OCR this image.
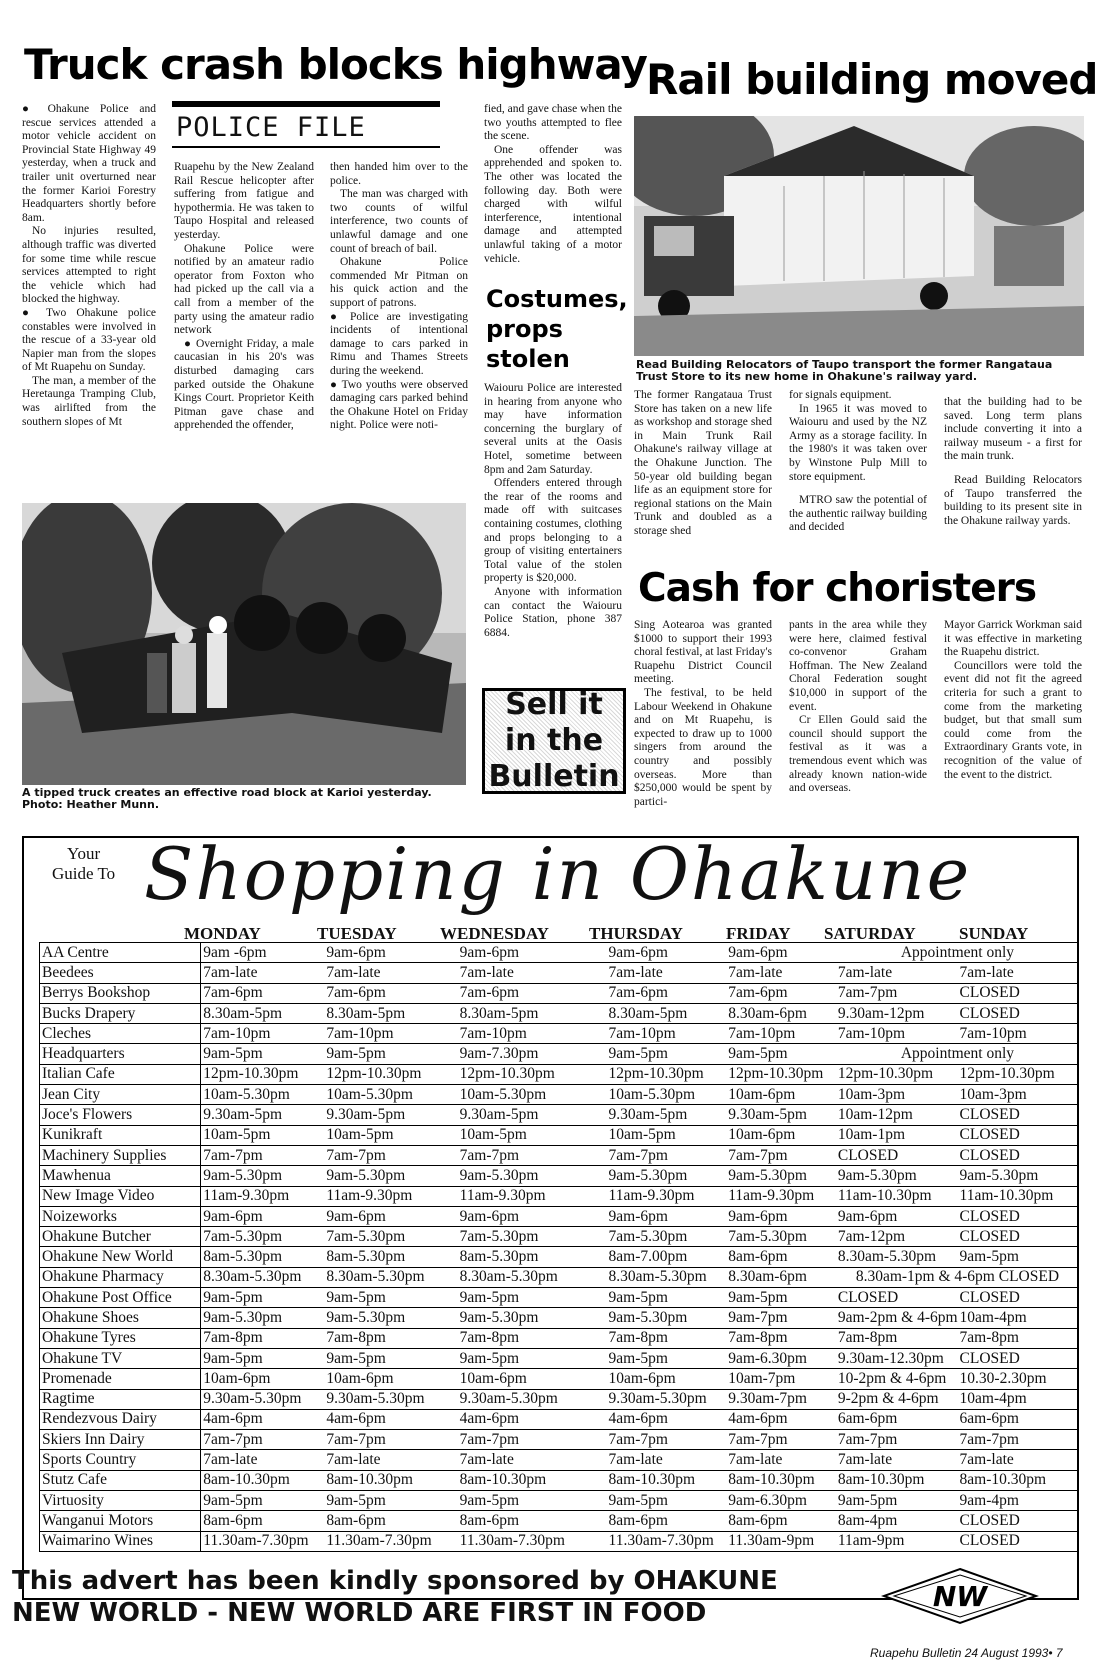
Truck crash blocks highway

● Ohakune Police and rescue services attended a motor vehicle accident on Provincial State Highway 49 yesterday, when a truck and trailer unit overturned near the former Karioi Forestry Headquarters shortly before 8am.

No injuries resulted, although traffic was diverted for some time while rescue services attempted to right the vehicle which had blocked the highway.

● Two Ohakune police constables were involved in the rescue of a 33-year old Napier man from the slopes of Mt Ruapehu on Sunday.

The man, a member of the Heretaunga Tramping Club, was airlifted from the southern slopes of Mt

POLICE FILE

Ruapehu by the New Zealand Rail Rescue helicopter after suffering from fatigue and hypothermia. He was taken to Taupo Hospital and released yesterday.

Ohakune Police were notified by an amateur radio operator from Foxton who had picked up the call via a call from a member of the party using the amateur radio network

● Overnight Friday, a male caucasian in his 20's was disturbed damaging cars parked outside the Ohakune Kings Court. Proprietor Keith Pitman gave chase and apprehended the offender,

then handed him over to the police.

The man was charged with two counts of wilful interference, two counts of unlawful damage and one count of breach of bail.

Ohakune Police commended Mr Pitman on his quick action and the support of patrons.

● Police are investigating incidents of intentional damage to cars parked in Rimu and Thames Streets during the weekend.

● Two youths were observed damaging cars parked behind the Ohakune Hotel on Friday night. Police were noti-

fied, and gave chase when the two youths attempted to flee the scene.

One offender was apprehended and spoken to. The other was located the following day. Both were charged with wilful interference, intentional damage and attempted unlawful taking of a motor vehicle.

A tipped truck creates an effective road block at Karioi yesterday. Photo: Heather Munn.
Costumes, props stolen

Waiouru Police are interested in hearing from anyone who may have information concerning the burglary of several units at the Oasis Hotel, sometime between 8pm and 2am Saturday.

Offenders entered through the rear of the rooms and made off with suitcases containing costumes, clothing and props belonging to a group of visiting entertainers Total value of the stolen property is $20,000.

Anyone with information can contact the Waiouru Police Station, phone 387 6884.

Sell it
in the
Bulletin
Rail building moved
Read Building Relocators of Taupo transport the former Rangataua Trust Store to its new home in Ohakune's railway yard.

The former Rangataua Trust Store has taken on a new life as workshop and storage shed in Main Trunk Rail Ohakune's railway village at the Ohakune Junction. The 50-year old building began life as an equipment store for regional stations on the Main Trunk and doubled as a storage shed

for signals equipment.

In 1965 it was moved to Waiouru and used by the NZ Army as a storage facility. In the 1980's it was taken over by Winstone Pulp Mill to store equipment.

MTRO saw the potential of the authentic railway building and decided

that the building had to be saved. Long term plans include converting it into a railway museum - a first for the main trunk.

Read Building Relocators of Taupo transferred the building to its present site in the Ohakune railway yards.

Cash for choristers

Sing Aotearoa was granted $1000 to support their 1993 choral festival, at last Friday's Ruapehu District Council meeting.

The festival, to be held Labour Weekend in Ohakune and on Mt Ruapehu, is expected to draw up to 1000 singers from around the country and possibly overseas. More than $250,000 would be spent by partici-

pants in the area while they were here, claimed festival co-convenor Graham Hoffman. The New Zealand Choral Federation sought $10,000 in support of the event.

Cr Ellen Gould said the council should support the festival as it was a tremendous event which was already known nation-wide and overseas.

Mayor Garrick Workman said it was effective in marketing the Ruapehu district.

Councillors were told the event did not fit the agreed criteria for such a grant to come from the marketing budget, but that small sum could come from the Extraordinary Grants vote, in recognition of the value of the event to the district.

Your
Guide To Shopping in Ohakune
MONDAY	TUESDAY	WEDNESDAY THURSDAY	FRIDAY SATURDAY	SUNDAY
AA Centre	9am -6pm	9am-6pm	9am-6pm	9am-6pm	9am-6pm	Appointment only	
Beedees	7am-late	7am-late	7am-late	7am-late	7am-late	7am-late	7am-late
Berrys Bookshop	7am-6pm	7am-6pm	7am-6pm	7am-6pm	7am-6pm	7am-7pm	CLOSED
Bucks Drapery	8.30am-5pm	8.30am-5pm	8.30am-5pm	8.30am-5pm	8.30am-6pm	9.30am-12pm	CLOSED
Cleches	7am-10pm	7am-10pm	7am-10pm	7am-10pm	7am-10pm	7am-10pm	7am-10pm
Headquarters	9am-5pm	9am-5pm	9am-7.30pm	9am-5pm	9am-5pm	Appointment only	
Italian Cafe	12pm-10.30pm	12pm-10.30pm	12pm-10.30pm	12pm-10.30pm	12pm-10.30pm	12pm-10.30pm	12pm-10.30pm
Jean City	10am-5.30pm	10am-5.30pm	10am-5.30pm	10am-5.30pm	10am-6pm	10am-3pm	10am-3pm
Joce's Flowers	9.30am-5pm	9.30am-5pm	9.30am-5pm	9.30am-5pm	9.30am-5pm	10am-12pm	CLOSED
Kunikraft	10am-5pm	10am-5pm	10am-5pm	10am-5pm	10am-6pm	10am-1pm	CLOSED
Machinery Supplies	7am-7pm	7am-7pm	7am-7pm	7am-7pm	7am-7pm	CLOSED	CLOSED
Mawhenua	9am-5.30pm	9am-5.30pm	9am-5.30pm	9am-5.30pm	9am-5.30pm	9am-5.30pm	9am-5.30pm
New Image Video	11am-9.30pm	11am-9.30pm	11am-9.30pm	11am-9.30pm	11am-9.30pm	11am-10.30pm	11am-10.30pm
Noizeworks	9am-6pm	9am-6pm	9am-6pm	9am-6pm	9am-6pm	9am-6pm	CLOSED
Ohakune Butcher	7am-5.30pm	7am-5.30pm	7am-5.30pm	7am-5.30pm	7am-5.30pm	7am-12pm	CLOSED
Ohakune New World	8am-5.30pm	8am-5.30pm	8am-5.30pm	8am-7.00pm	8am-6pm	8.30am-5.30pm	9am-5pm
Ohakune Pharmacy	8.30am-5.30pm	8.30am-5.30pm	8.30am-5.30pm	8.30am-5.30pm	8.30am-6pm	8.30am-1pm & 4-6pm CLOSED	
Ohakune Post Office	9am-5pm	9am-5pm	9am-5pm	9am-5pm	9am-5pm	CLOSED	CLOSED
Ohakune Shoes	9am-5.30pm	9am-5.30pm	9am-5.30pm	9am-5.30pm	9am-7pm	9am-2pm & 4-6pm	10am-4pm
Ohakune Tyres	7am-8pm	7am-8pm	7am-8pm	7am-8pm	7am-8pm	7am-8pm	7am-8pm
Ohakune TV	9am-5pm	9am-5pm	9am-5pm	9am-5pm	9am-6.30pm	9.30am-12.30pm	CLOSED
Promenade	10am-6pm	10am-6pm	10am-6pm	10am-6pm	10am-7pm	10-2pm & 4-6pm	10.30-2.30pm
Ragtime	9.30am-5.30pm	9.30am-5.30pm	9.30am-5.30pm	9.30am-5.30pm	9.30am-7pm	9-2pm & 4-6pm	10am-4pm
Rendezvous Dairy	4am-6pm	4am-6pm	4am-6pm	4am-6pm	4am-6pm	6am-6pm	6am-6pm
Skiers Inn Dairy	7am-7pm	7am-7pm	7am-7pm	7am-7pm	7am-7pm	7am-7pm	7am-7pm
Sports Country	7am-late	7am-late	7am-late	7am-late	7am-late	7am-late	7am-late
Stutz Cafe	8am-10.30pm	8am-10.30pm	8am-10.30pm	8am-10.30pm	8am-10.30pm	8am-10.30pm	8am-10.30pm
Virtuosity	9am-5pm	9am-5pm	9am-5pm	9am-5pm	9am-6.30pm	9am-5pm	9am-4pm
Wanganui Motors	8am-6pm	8am-6pm	8am-6pm	8am-6pm	8am-6pm	8am-4pm	CLOSED
Waimarino Wines	11.30am-7.30pm	11.30am-7.30pm	11.30am-7.30pm	11.30am-7.30pm	11.30am-9pm	11am-9pm	CLOSED
This advert has been kindly sponsored by OHAKUNE
NEW WORLD - NEW WORLD ARE FIRST IN FOOD	NW
Ruapehu Bulletin 24 August 1993• 7
